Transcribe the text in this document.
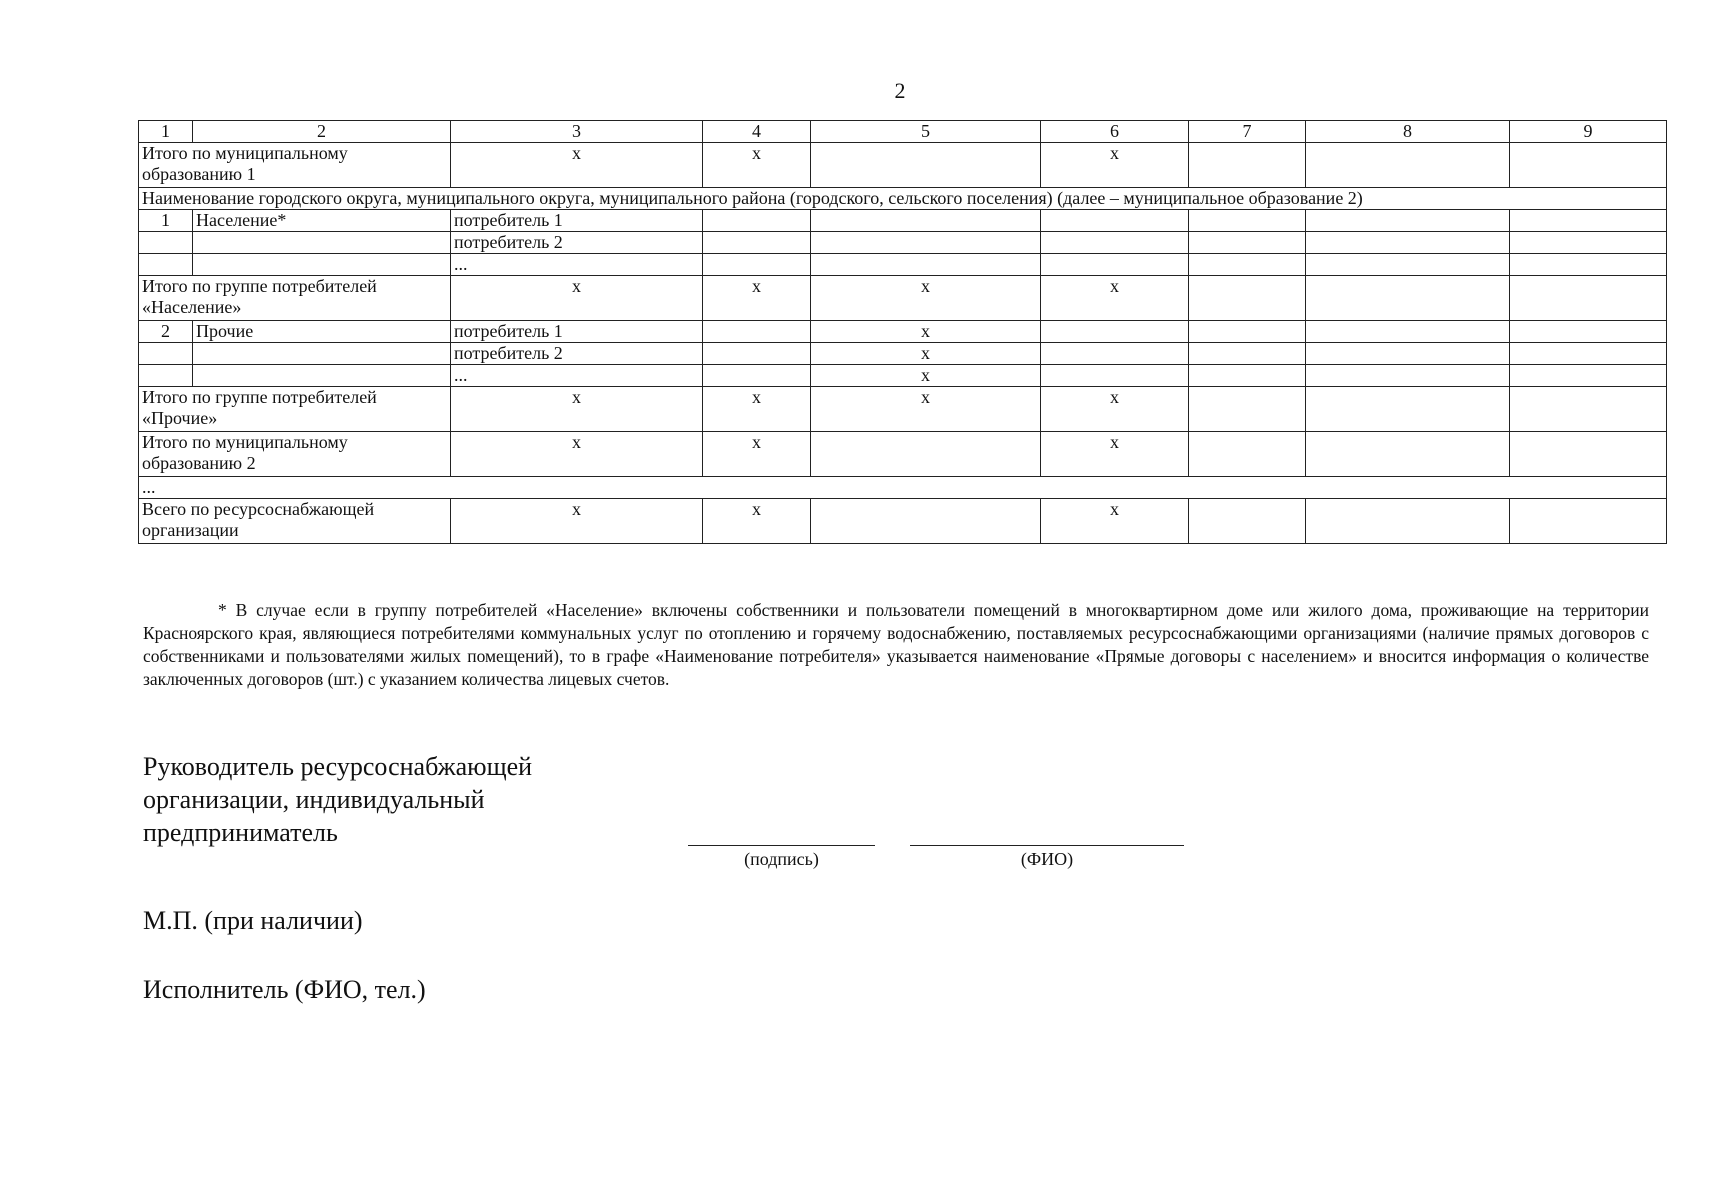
2
1	2	3	4	5	6	7	8	9
Итого по муниципальному образованию 1		x	x		x			
Наименование городского округа, муниципального округа, муниципального района (городского, сельского поселения) (далее – муниципальное образование 2)								
1	Население*	потребитель 1						
		потребитель 2						
		...						
Итого по группе потребителей «Население»		x	x	x	x			
2	Прочие	потребитель 1		x				
		потребитель 2		x				
		...		x				
Итого по группе потребителей «Прочие»		x	x	x	x			
Итого по муниципальному образованию 2		x	x		x			
...								
Всего по ресурсоснабжающей организации		x	x		x			
* В случае если в группу потребителей «Население» включены собственники и пользователи помещений в многоквартирном доме или жилого дома, проживающие на территории Красноярского края, являющиеся потребителями коммунальных услуг по отоплению и горячему водоснабжению, поставляемых ресурсоснабжающими организациями (наличие прямых договоров с собственниками и пользователями жилых помещений), то в графе «Наименование потребителя» указывается наименование «Прямые договоры с населением» и вносится информация о количестве заключенных договоров (шт.) с указанием количества лицевых счетов.
Руководитель ресурсоснабжающей
организации, индивидуальный
предприниматель
(подпись)	(ФИО)
М.П. (при наличии)
Исполнитель (ФИО, тел.)
